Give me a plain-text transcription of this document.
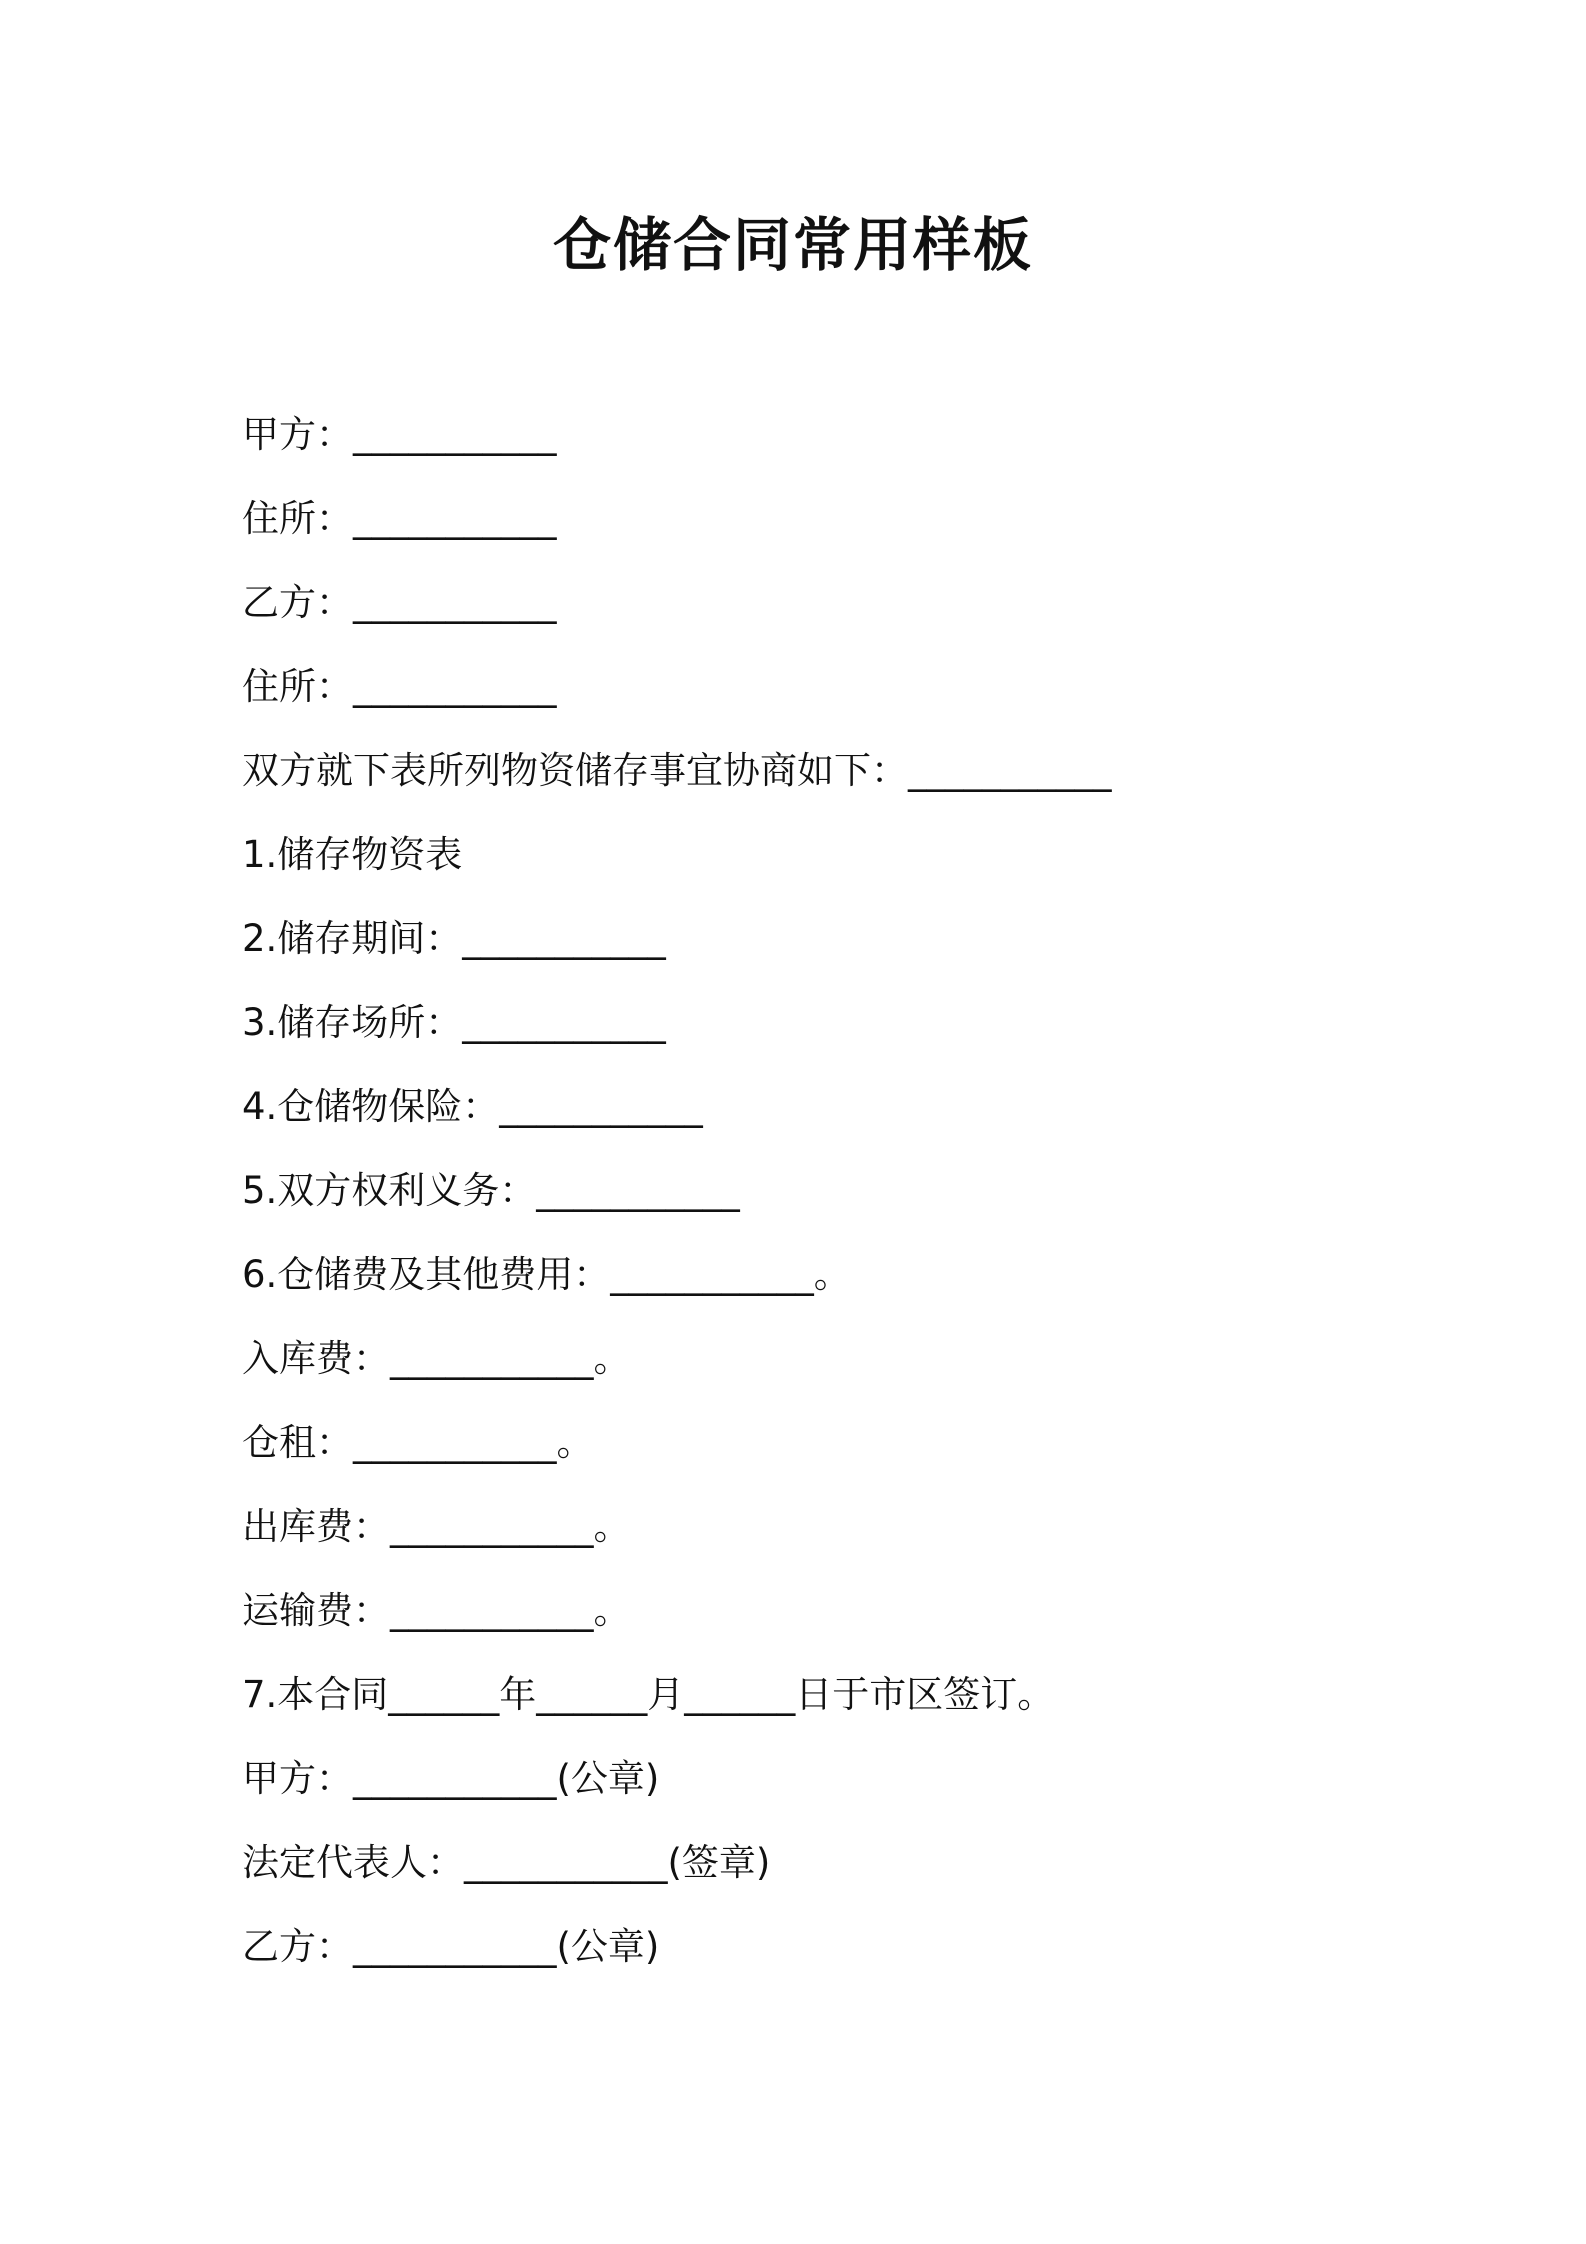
仓储合同常用样板
甲方：___________
住所：___________
乙方：___________
住所：___________
双方就下表所列物资储存事宜协商如下：___________
1.储存物资表
2.储存期间：___________
3.储存场所：___________
4.仓储物保险：___________
5.双方权利义务：___________
6.仓储费及其他费用：___________。
入库费：___________。
仓租：___________。
出库费：___________。
运输费：___________。
7.本合同______年______月______日于市区签订。
甲方：___________(公章)
法定代表人：___________(签章)
乙方：___________(公章)
